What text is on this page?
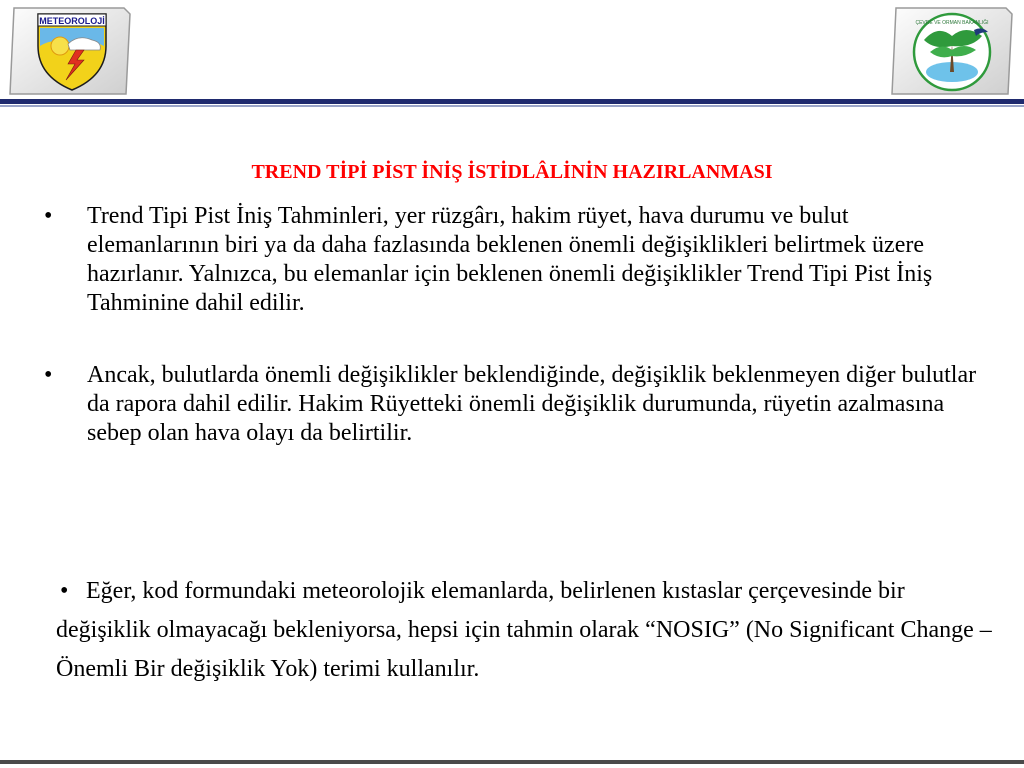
METEOROLOJİ	ÇEVRE VE ORMAN BAKANLIĞI
TREND TİPİ PİST İNİŞ İSTİDLÂLİNİN HAZIRLANMASI
•	Trend Tipi Pist İniş Tahminleri, yer rüzgârı, hakim rüyet, hava durumu ve bulut elemanlarının biri ya da daha fazlasında beklenen önemli değişiklikleri belirtmek üzere hazırlanır. Yalnızca, bu elemanlar için beklenen önemli değişiklikler Trend Tipi Pist İniş Tahminine dahil edilir.
•	Ancak, bulutlarda önemli değişiklikler beklendiğinde, değişiklik beklenmeyen diğer bulutlar da rapora dahil edilir. Hakim Rüyetteki önemli değişiklik durumunda, rüyetin azalmasına sebep olan hava olayı da belirtilir.

• Eğer, kod formundaki meteorolojik elemanlarda, belirlenen kıstaslar çerçevesinde bir değişiklik olmayacağı bekleniyorsa, hepsi için tahmin olarak “NOSIG” (No Significant Change – Önemli Bir değişiklik Yok) terimi kullanılır.
